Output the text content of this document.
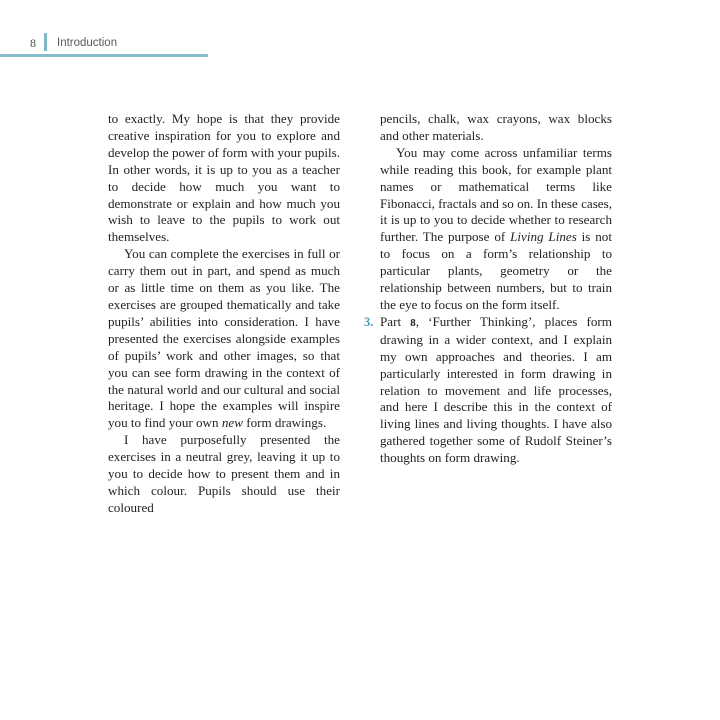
8 Introduction

to exactly. My hope is that they provide creative inspiration for you to explore and develop the power of form with your pupils. In other words, it is up to you as a teacher to decide how much you want to demonstrate or explain and how much you wish to leave to the pupils to work out themselves.

You can complete the exercises in full or carry them out in part, and spend as much or as little time on them as you like. The exercises are grouped thematically and take pupils’ abilities into consideration. I have presented the exercises alongside examples of pupils’ work and other images, so that you can see form drawing in the context of the natural world and our cultural and social heritage. I hope the examples will inspire you to find your own new form drawings.

I have purposefully presented the exercises in a neutral grey, leaving it up to you to decide how to present them and in which colour. Pupils should use their coloured

pencils, chalk, wax crayons, wax blocks and other materials.

You may come across unfamiliar terms while reading this book, for example plant names or mathematical terms like Fibonacci, fractals and so on. In these cases, it is up to you to decide whether to research further. The purpose of Living Lines is not to focus on a form’s relationship to particular plants, geometry or the relationship between numbers, but to train the eye to focus on the form itself.

3. Part 8, ‘Further Thinking’, places form drawing in a wider context, and I explain my own approaches and theories. I am particularly interested in form drawing in relation to movement and life processes, and here I describe this in the context of living lines and living thoughts. I have also gathered together some of Rudolf Steiner’s thoughts on form drawing.
